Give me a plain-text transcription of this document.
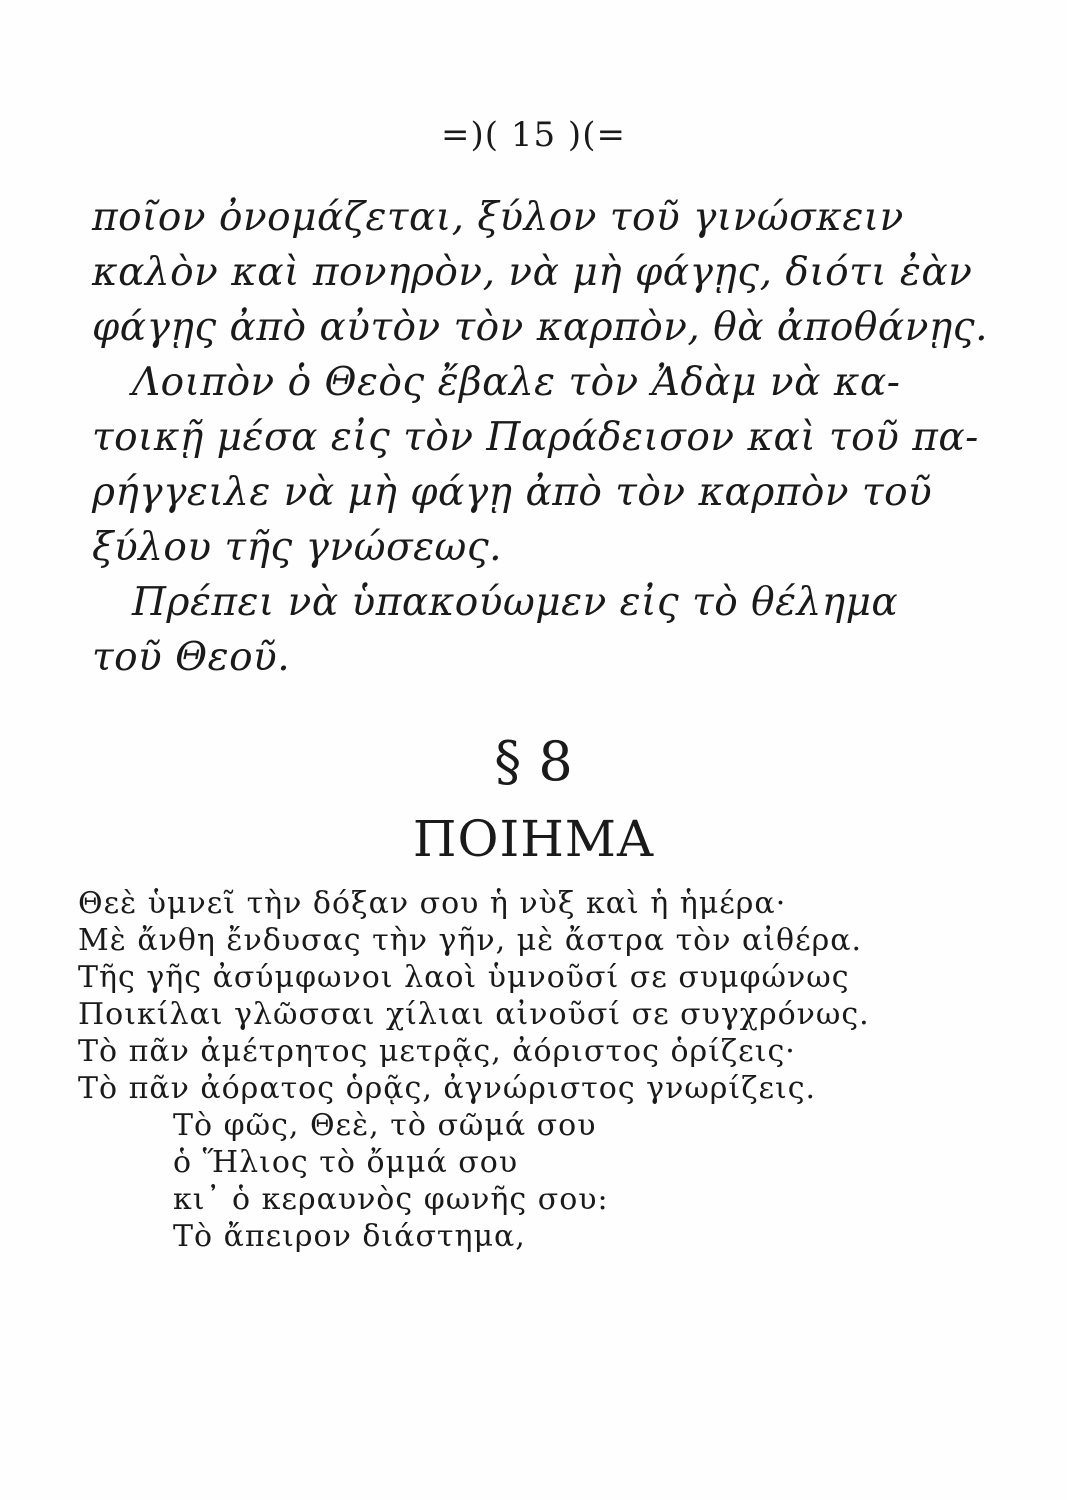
=)( 15 )(=
ποῖον ὀνομάζεται, ξύλον τοῦ γινώσκειν
καλὸν καὶ πονηρὸν, νὰ μὴ φάγῃς, διότι ἐὰν
φάγῃς ἀπὸ αὐτὸν τὸν καρπὸν, θὰ ἀποθάνῃς.
Λοιπὸν ὁ Θεὸς ἔβαλε τὸν Ἀδὰμ νὰ κα-
τοικῇ μέσα εἰς τὸν Παράδεισον καὶ τοῦ πα-
ρήγγειλε νὰ μὴ φάγῃ ἀπὸ τὸν καρπὸν τοῦ
ξύλου τῆς γνώσεως.
Πρέπει νὰ ὑπακούωμεν εἰς τὸ θέλημα
τοῦ Θεοῦ.
§ 8
ΠΟΙΗΜΑ
Θεὲ ὑμνεῖ τὴν δόξαν σου ἡ νὺξ καὶ ἡ ἡμέρα·
Μὲ ἄνθη ἔνδυσας τὴν γῆν, μὲ ἄστρα τὸν αἰθέρα.
Τῆς γῆς ἀσύμφωνοι λαοὶ ὑμνοῦσί σε συμφώνως
Ποικίλαι γλῶσσαι χίλιαι αἰνοῦσί σε συγχρόνως.
Τὸ πᾶν ἀμέτρητος μετρᾷς, ἀόριστος ὁρίζεις·
Τὸ πᾶν ἀόρατος ὁρᾷς, ἀγνώριστος γνωρίζεις.
Τὸ φῶς, Θεὲ, τὸ σῶμά σου
ὁ Ἥλιος τὸ ὄμμά σου
κι᾽ ὁ κεραυνὸς φωνῆς σου:
Τὸ ἄπειρον διάστημα,
